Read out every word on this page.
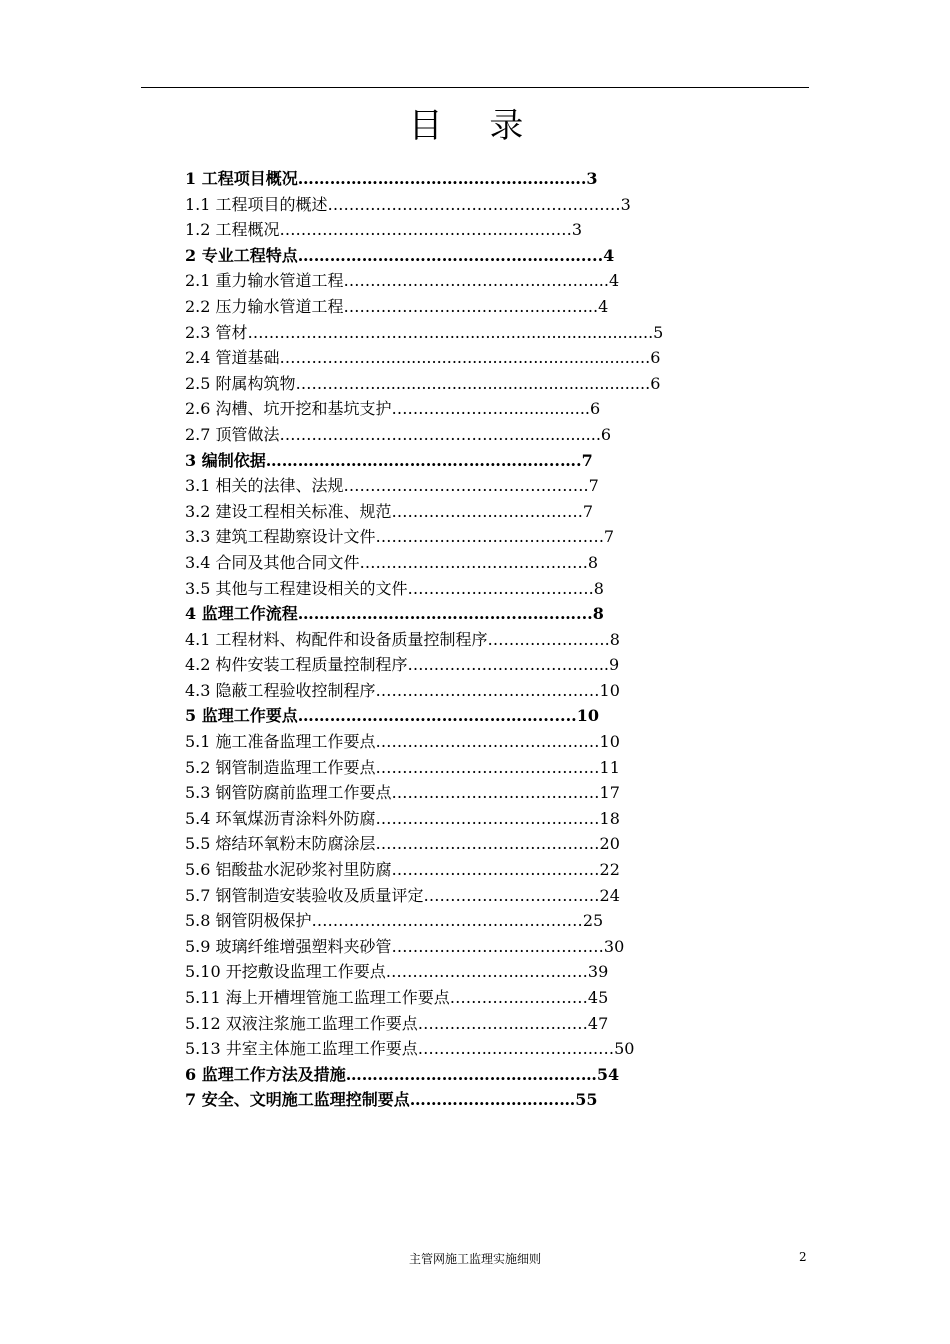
目 录
1 工程项目概况………………………………..…………….3
1.1 工程项目的概述………………………………….……………3
1.2 工程概况………………………..…………..…………3
2 专业工程特点………………………………….……….…....4
2.1 重力输水管道工程……………………………….………....4
2.2 压力输水管道工程……………………..……….………...4
2.3 管材………………………………..........................................5
2.4 管道基础………………......................................................6
2.5 附属构筑物……………......................................................6
2.6 沟槽、坑开挖和基坑支护………….………................6
2.7 顶管做法………………………………………................6
3 编制依据………………………………..……………..….7
3.1 相关的法律、法规……………………………………….7
3.2 建设工程相关标准、规范………………..…………….7
3.3 建筑工程勘察设计文件…………………..….…………….7
3.4 合同及其他合同文件………………..….……………….8
3.5 其他与工程建设相关的文件…………………….……….8
4 监理工作流程…………………………………..……..…...8
4.1 工程材料、构配件和设备质量控制程序…….…………….8
4.2 构件安装工程质量控制程序…..…………………………...9
4.3 隐蔽工程验收控制程序……………………………………10
5 监理工作要点……………………………………….......10
5.1 施工准备监理工作要点……………………………………10
5.2 钢管制造监理工作要点……………………………………11
5.3 钢管防腐前监理工作要点…………………………………17
5.4 环氧煤沥青涂料外防腐……………………………………18
5.5 熔结环氧粉末防腐涂层……………………………………20
5.6 铝酸盐水泥砂浆衬里防腐…………………………………22
5.7 钢管制造安装验收及质量评定……………………………24
5.8 钢管阴极保护………………………………...…………25
5.9 玻璃纤维增强塑料夹砂管…………………..…..…………30
5.10 开挖敷设监理工作要点……………………..…………39
5.11 海上开槽埋管施工监理工作要点…………..…………45
5.12 双液注浆施工监理工作要点………………..…………47
5.13 井室主体施工监理工作要点…………..………………..…50
6 监理工作方法及措施……………………………………..…54
7 安全、文明施工监理控制要点……………………….…55
主管网施工监理实施细则	2
